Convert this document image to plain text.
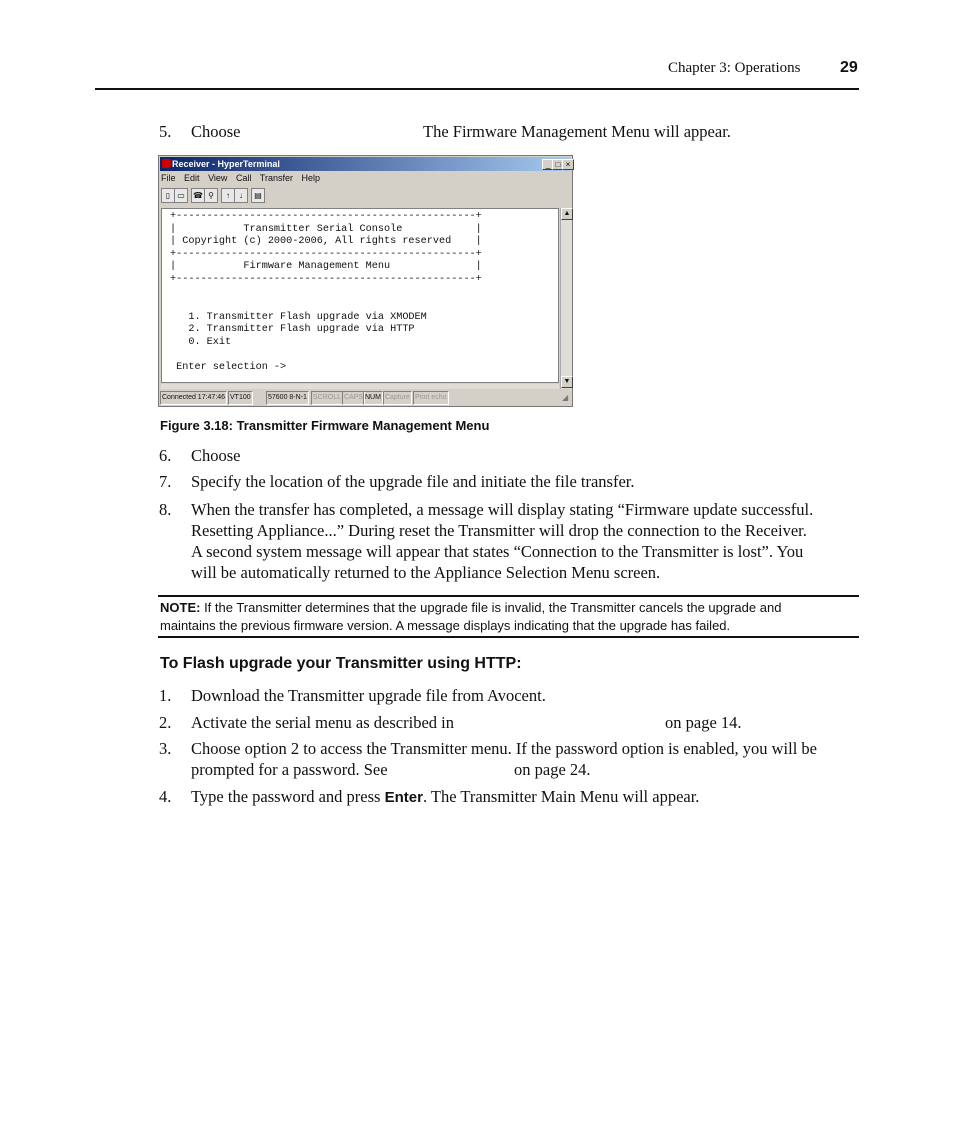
Chapter 3: Operations 29
5. Choose	The Firmware Management Menu will appear.
Receiver - HyperTerminal	_ □ ×
File Edit View Call Transfer Help
▯ ▭	☎ ⚲	↑	↓	▤
+-------------------------------------------------+
|           Transmitter Serial Console            |
| Copyright (c) 2000-2006, All rights reserved    |
+-------------------------------------------------+
|           Firmware Management Menu              |
+-------------------------------------------------+

1. Transmitter Flash upgrade via XMODEM
2. Transmitter Flash upgrade via HTTP
0. Exit

Enter selection ->
▲
▼
Connected 17:47:46 VT100 57600 8-N-1 SCROLL CAPS NUM Capture Print echo	◢
Figure 3.18: Transmitter Firmware Management Menu
6. Choose
7. Specify the location of the upgrade file and initiate the file transfer.
8. When the transfer has completed, a message will display stating “Firmware update successful.
Resetting Appliance...” During reset the Transmitter will drop the connection to the Receiver.
A second system message will appear that states “Connection to the Transmitter is lost”. You
will be automatically returned to the Appliance Selection Menu screen.
NOTE: If the Transmitter determines that the upgrade file is invalid, the Transmitter cancels the upgrade and
maintains the previous firmware version. A message displays indicating that the upgrade has failed.
To Flash upgrade your Transmitter using HTTP:
1. Download the Transmitter upgrade file from Avocent.
2. Activate the serial menu as described in	on page 14.
3. Choose option 2 to access the Transmitter menu. If the password option is enabled, you will be
prompted for a password. See	on page 24.
4. Type the password and press Enter. The Transmitter Main Menu will appear.
